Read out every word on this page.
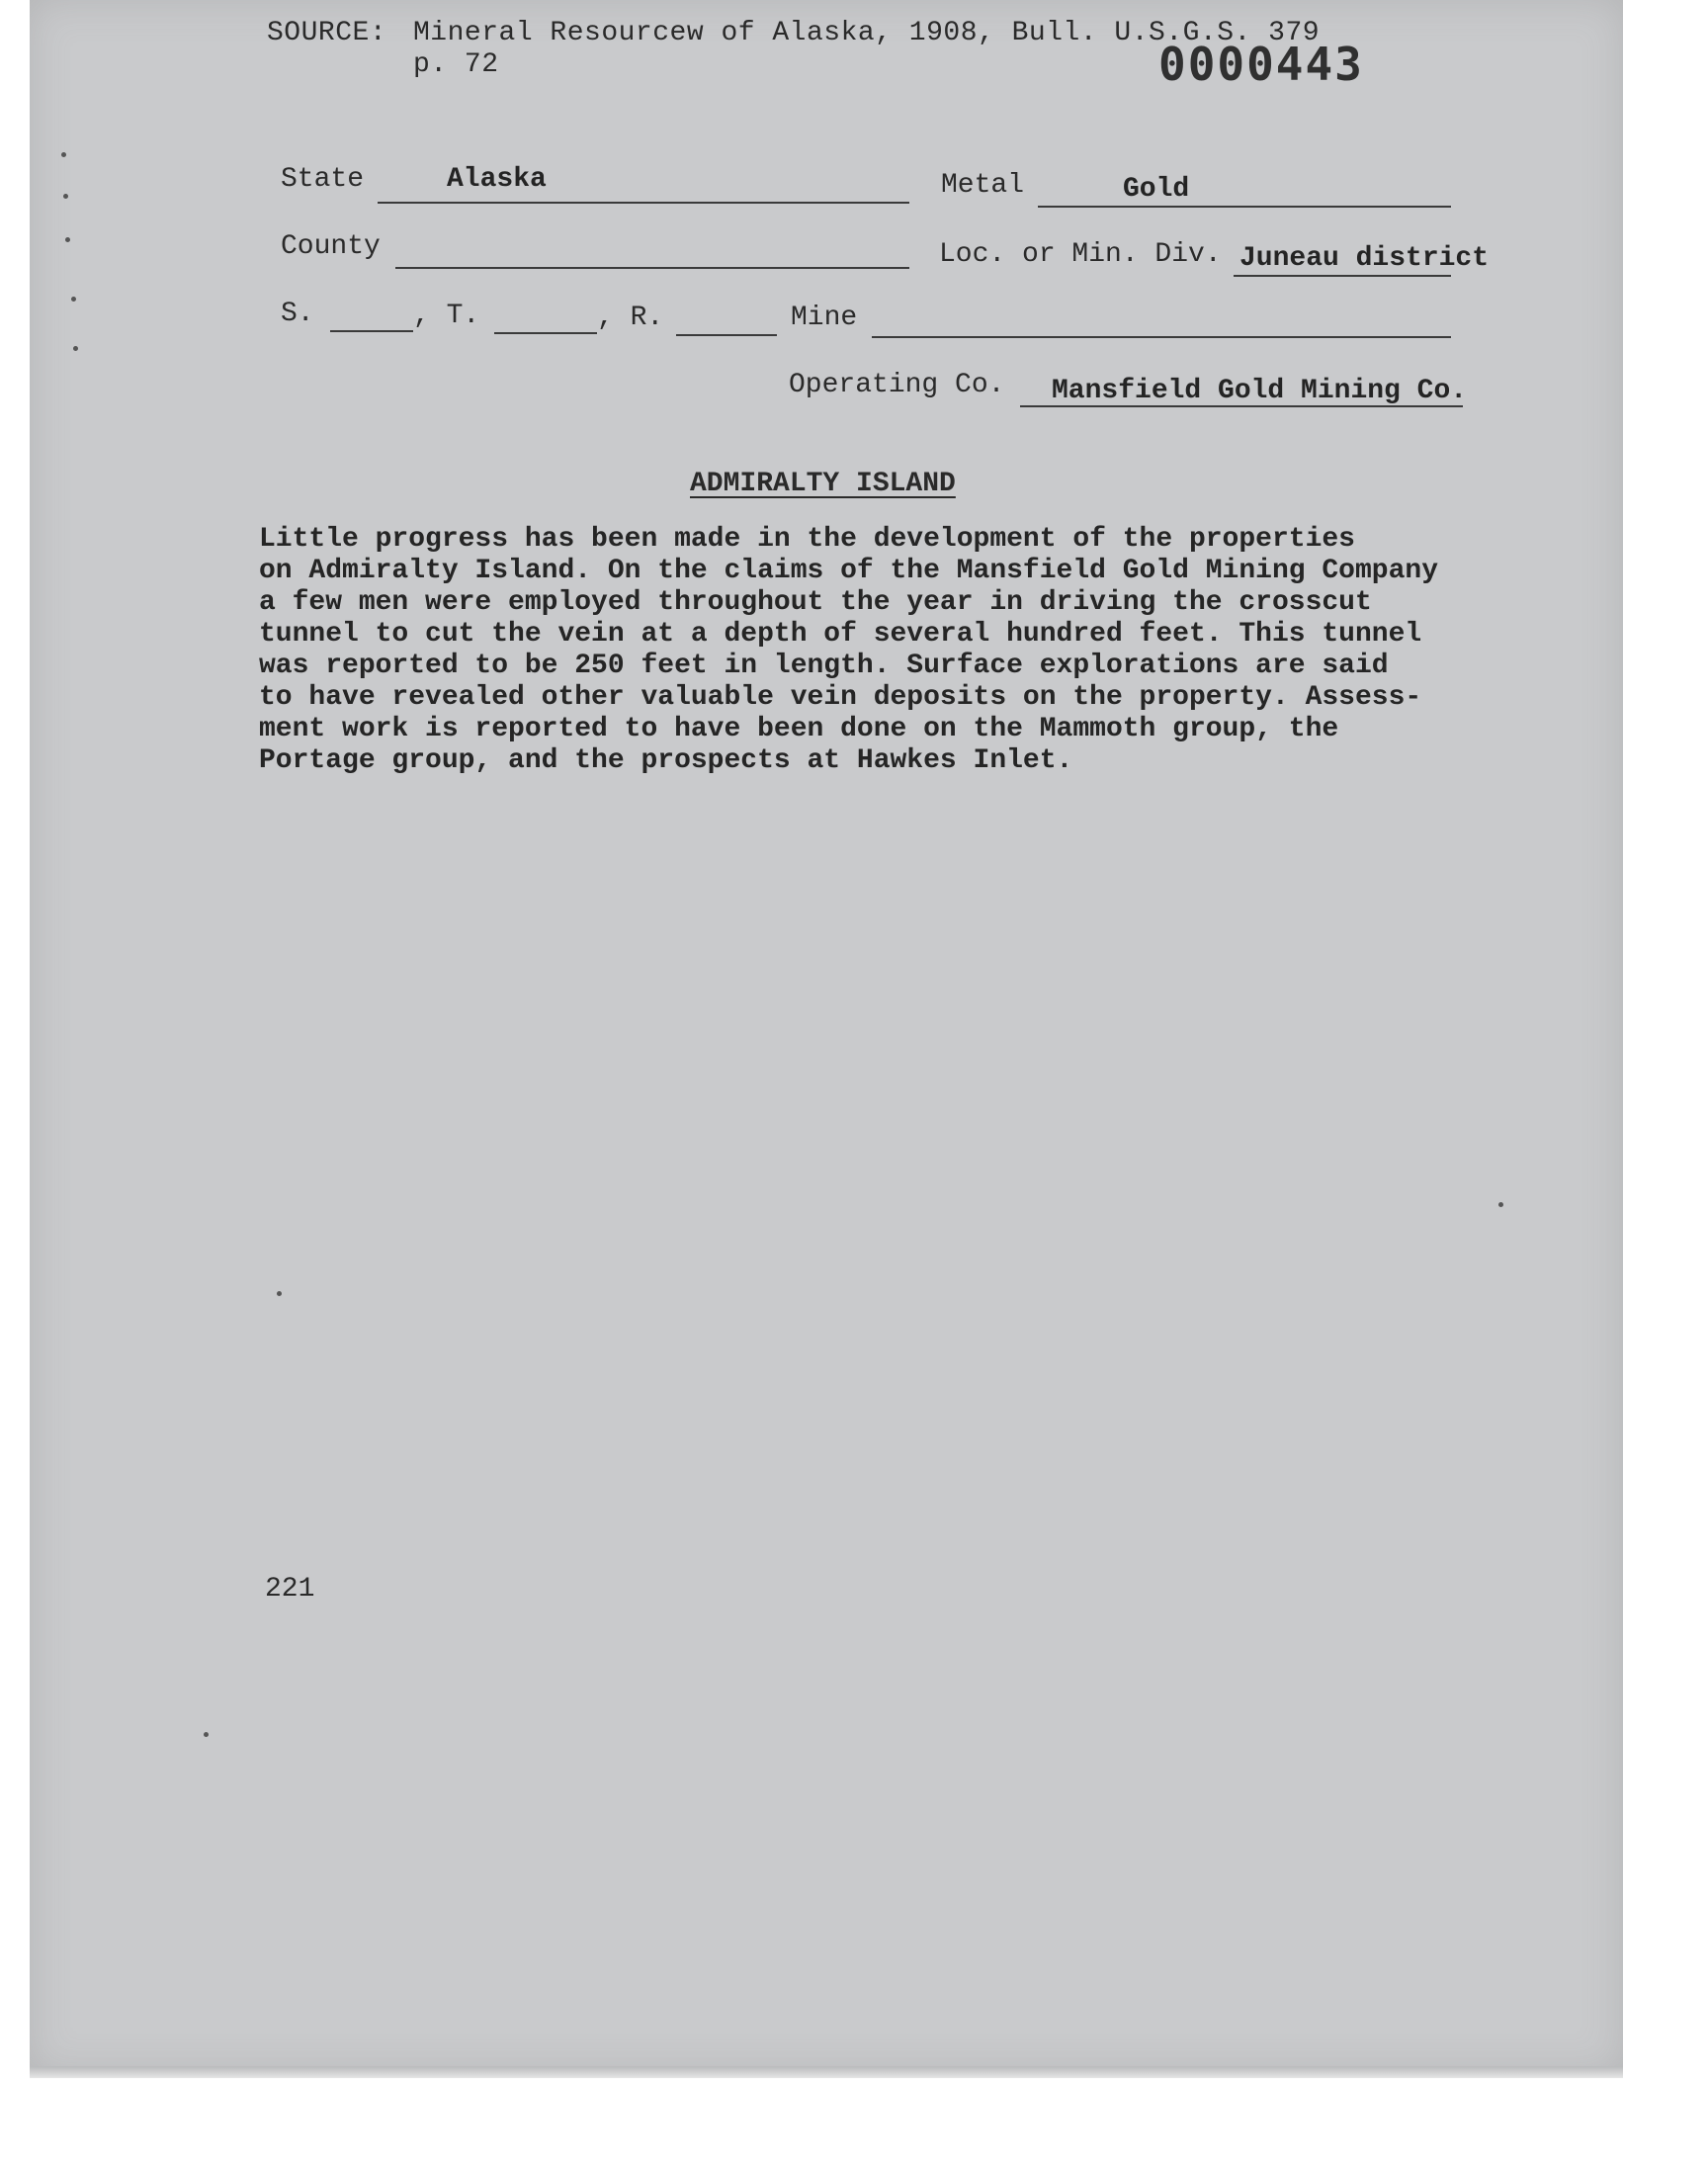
SOURCE: Mineral Resourcew of Alaska, 1908, Bull. U.S.G.S. 379
p. 72	0000443
State	Alaska	Metal	Gold
County	Loc. or Min. Div. Juneau district
S.	, T.	, R.	Mine
Operating Co. Mansfield Gold Mining Co.
ADMIRALTY ISLAND

Little progress has been made in the development of the properties
on Admiralty Island. On the claims of the Mansfield Gold Mining Company
a few men were employed throughout the year in driving the crosscut
tunnel to cut the vein at a depth of several hundred feet. This tunnel
was reported to be 250 feet in length. Surface explorations are said
to have revealed other valuable vein deposits on the property. Assess-
ment work is reported to have been done on the Mammoth group, the
Portage group, and the prospects at Hawkes Inlet.

221
